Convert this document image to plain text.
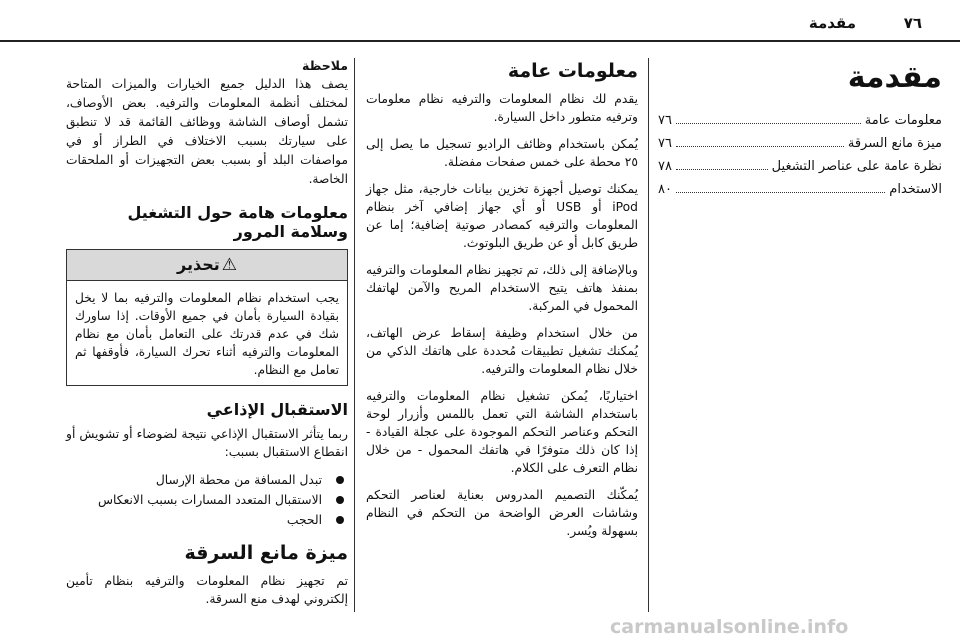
٧٦
مقدمة
مقدمة
معلومات عامة
٧٦
ميزة مانع السرقة
٧٦
نظرة عامة على عناصر التشغيل
٧٨
الاستخدام
٨٠
معلومات عامة

يقدم لك نظام المعلومات والترفيه نظام معلومات وترفيه متطور داخل السيارة.

يُمكن باستخدام وظائف الراديو تسجيل ما يصل إلى ٢٥ محطة على خمس صفحات مفضلة.

يمكنك توصيل أجهزة تخزين بيانات خارجية، مثل جهاز iPod أو USB أو أي جهاز إضافي آخر بنظام المعلومات والترفيه كمصادر صوتية إضافية؛ إما عن طريق كابل أو عن طريق البلوتوث.

وبالإضافة إلى ذلك، تم تجهيز نظام المعلومات والترفيه بمنفذ هاتف يتيح الاستخدام المريح والآمن لهاتفك المحمول في المركبة.

من خلال استخدام وظيفة إسقاط عرض الهاتف، يُمكنك تشغيل تطبيقات مُحددة على هاتفك الذكي من خلال نظام المعلومات والترفيه.

اختياريًا، يُمكن تشغيل نظام المعلومات والترفيه باستخدام الشاشة التي تعمل باللمس وأزرار لوحة التحكم وعناصر التحكم الموجودة على عجلة القيادة - إذا كان ذلك متوفرًا في هاتفك المحمول - من خلال نظام التعرف على الكلام.

يُمكّنك التصميم المدروس بعناية لعناصر التحكم وشاشات العرض الواضحة من التحكم في النظام بسهولة ويُسر.

ملاحظة
يصف هذا الدليل جميع الخيارات والميزات المتاحة لمختلف أنظمة المعلومات والترفيه. بعض الأوصاف، تشمل أوصاف الشاشة ووظائف القائمة قد لا تنطبق على سيارتك بسبب الاختلاف في الطراز أو في مواصفات البلد أو بسبب بعض التجهيزات أو الملحقات الخاصة.
معلومات هامة حول التشغيل وسلامة المرور
⚠تحذير
يجب استخدام نظام المعلومات والترفيه بما لا يخل بقيادة السيارة بأمان في جميع الأوقات. إذا ساورك شك في عدم قدرتك على التعامل بأمان مع نظام المعلومات والترفيه أثناء تحرك السيارة، فأوقفها ثم تعامل مع النظام.
الاستقبال الإذاعي

ربما يتأثر الاستقبال الإذاعي نتيجة لضوضاء أو تشويش أو انقطاع الاستقبال بسبب:

تبدل المسافة من محطة الإرسال
الاستقبال المتعدد المسارات بسبب الانعكاس
الحجب
ميزة مانع السرقة

تم تجهيز نظام المعلومات والترفيه بنظام تأمين إلكتروني لهدف منع السرقة.

carmanualsonline.info
